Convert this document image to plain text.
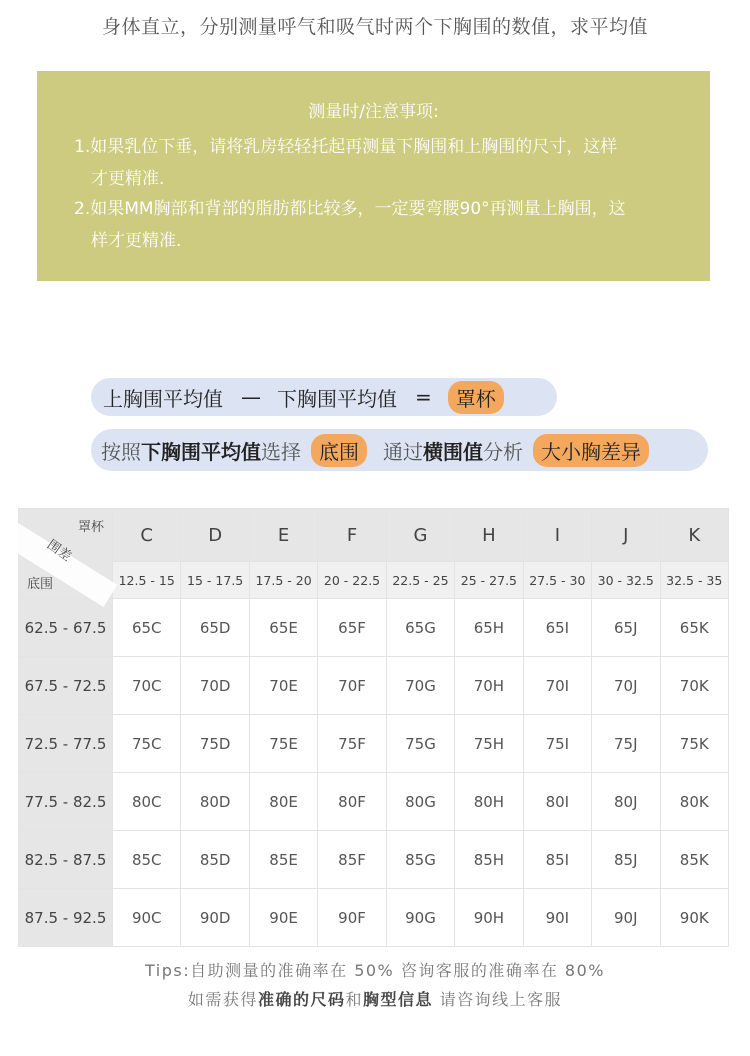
身体直立，分别测量呼气和吸气时两个下胸围的数值，求平均值
测量时/注意事项:
1.如果乳位下垂，请将乳房轻轻托起再测量下胸围和上胸围的尺寸，这样
才更精准.
2.如果MM胸部和背部的脂肪都比较多，一定要弯腰90°再测量上胸围，这
样才更精准.
上胸围平均值 — 下胸围平均值 =	罩杯
按照 下胸围平均值 选择 底围	通过 横围值 分析 大小胸差异
罩杯
围差
底围	C	D	E	F	G	H	I	J	K
	12.5 - 15	15 - 17.5	17.5 - 20	20 - 22.5	22.5 - 25	25 - 27.5	27.5 - 30	30 - 32.5	32.5 - 35
62.5 - 67.5	65C	65D	65E	65F	65G	65H	65I	65J	65K
67.5 - 72.5	70C	70D	70E	70F	70G	70H	70I	70J	70K
72.5 - 77.5	75C	75D	75E	75F	75G	75H	75I	75J	75K
77.5 - 82.5	80C	80D	80E	80F	80G	80H	80I	80J	80K
82.5 - 87.5	85C	85D	85E	85F	85G	85H	85I	85J	85K
87.5 - 92.5	90C	90D	90E	90F	90G	90H	90I	90J	90K
Tips:自助测量的准确率在 50% 咨询客服的准确率在 80%
如需获得准确的尺码和胸型信息 请咨询线上客服
